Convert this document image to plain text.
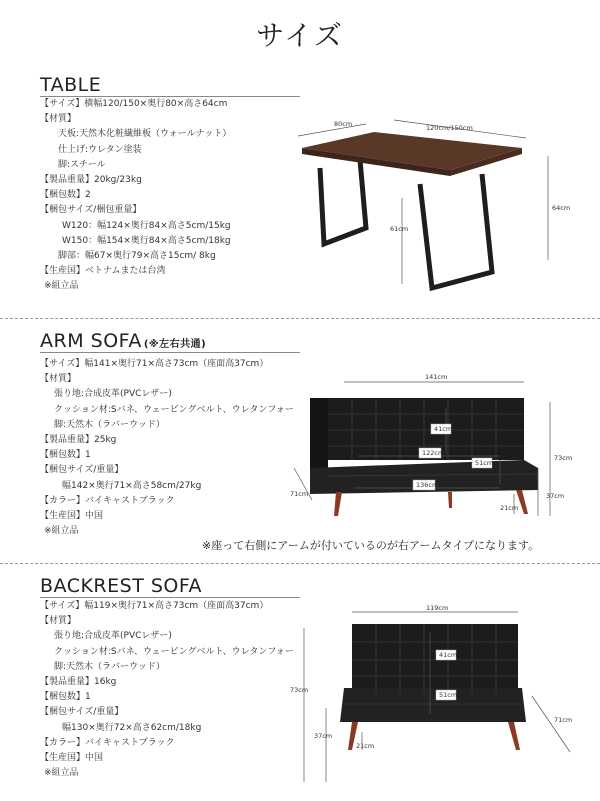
サイズ
TABLE
【サイズ】横幅120/150×奥行80×高さ64cm
【材質】
天板:天然木化粧繊維板（ウォールナット）
仕上げ:ウレタン塗装
脚:スチール
【製品重量】20kg/23kg
【梱包数】2
【梱包サイズ/梱包重量】
W120：幅124×奥行84×高さ5cm/15kg
W150：幅154×奥行84×高さ5cm/18kg
脚部：幅67×奥行79×高さ15cm/ 8kg
【生産国】ベトナムまたは台湾
※組立品
80cm	120cm/150cm
64cm
61cm
ARM SOFA (※左右共通)
【サイズ】幅141×奥行71×高さ73cm（座面高37cm）
【材質】
張り地:合成皮革(PVCレザー)
クッション材:Sバネ、ウェービングベルト、ウレタンフォー
脚:天然木（ラバーウッド）
【製品重量】25kg
【梱包数】1
【梱包サイズ/重量】
幅142×奥行71×高さ58cm/27kg
【カラー】バイキャストブラック
【生産国】中国
※組立品
141cm
41cm
122cm
51cm
136cm
73cm
37cm
71cm
21cm
※座って右側にアームが付いているのが右アームタイプになります。
BACKREST SOFA
【サイズ】幅119×奥行71×高さ73cm（座面高37cm）
【材質】
張り地:合成皮革(PVCレザー)
クッション材:Sバネ、ウェービングベルト、ウレタンフォー
脚:天然木（ラバーウッド）
【製品重量】16kg
【梱包数】1
【梱包サイズ/重量】
幅130×奥行72×高さ62cm/18kg
【カラー】バイキャストブラック
【生産国】中国
※組立品
119cm
41cm
51cm
73cm
37cm
21cm
71cm
